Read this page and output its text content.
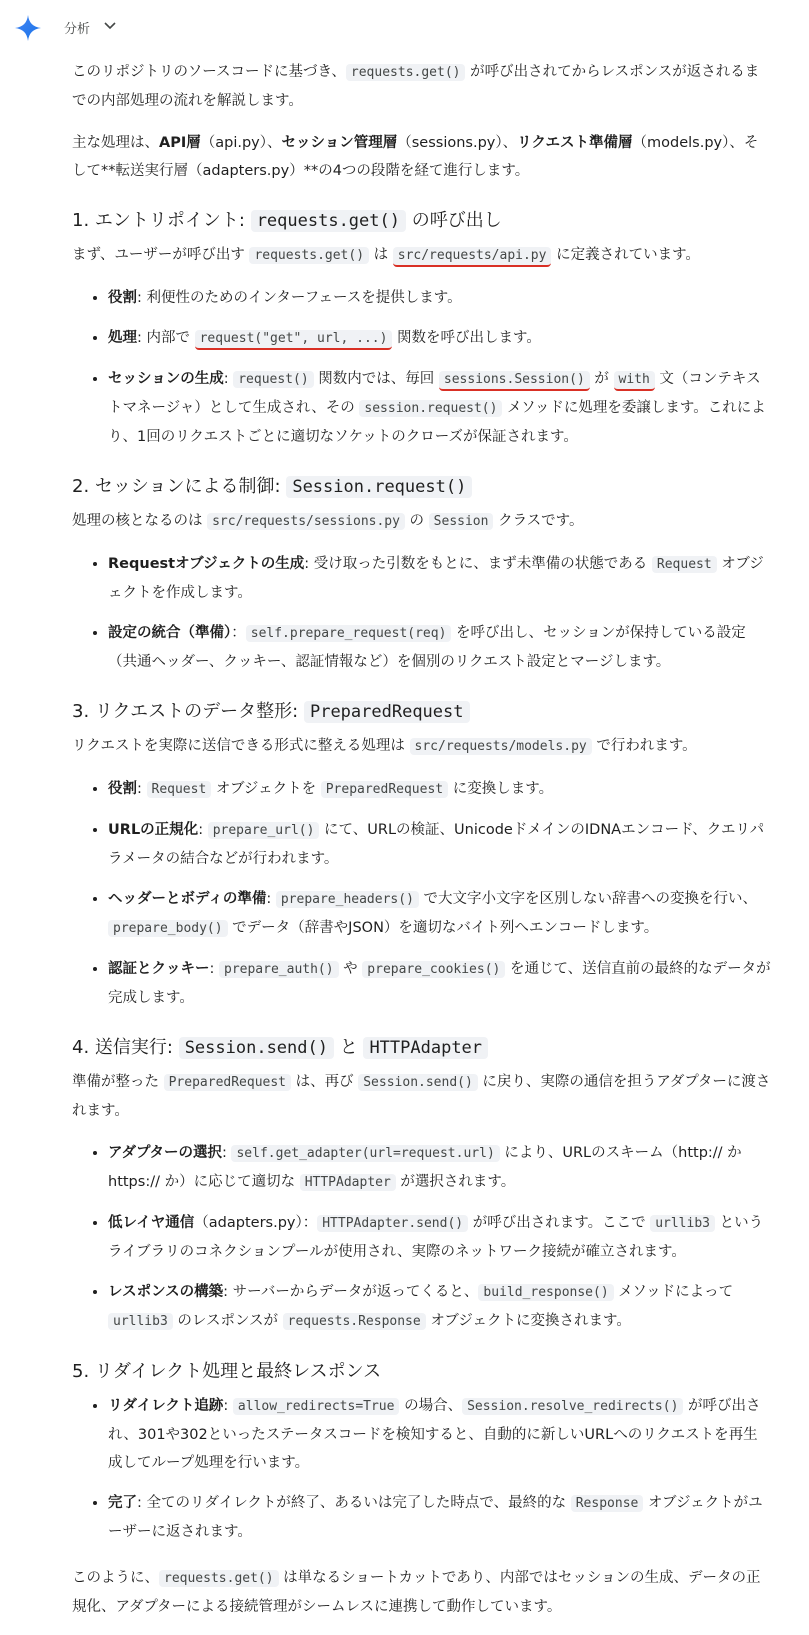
分析

このリポジトリのソースコードに基づき、 requests.get() が呼び出されてからレスポンスが返されるまでの内部処理の流れを解説します。

主な処理は、API層（api.py）、セッション管理層（sessions.py）、リクエスト準備層（models.py）、そして**転送実行層（adapters.py）**の4つの段階を経て進行します。

1. エントリポイント: requests.get() の呼び出し

まず、ユーザーが呼び出す requests.get() は src/requests/api.py に定義されています。

• 役割: 利便性のためのインターフェースを提供します。
• 処理: 内部で request("get", url, ...) 関数を呼び出します。
• セッションの生成: request() 関数内では、毎回 sessions.Session() が with 文（コンテキストマネージャ）として生成され、その session.request() メソッドに処理を委譲します。これにより、1回のリクエストごとに適切なソケットのクローズが保証されます。
2. セッションによる制御: Session.request()

処理の核となるのは src/requests/sessions.py の Session クラスです。

• Requestオブジェクトの生成: 受け取った引数をもとに、まず未準備の状態である Request オブジェクトを作成します。
• 設定の統合（準備）： self.prepare_request(req) を呼び出し、セッションが保持している設定（共通ヘッダー、クッキー、認証情報など）を個別のリクエスト設定とマージします。
3. リクエストのデータ整形: PreparedRequest

リクエストを実際に送信できる形式に整える処理は src/requests/models.py で行われます。

• 役割: Request オブジェクトを PreparedRequest に変換します。
• URLの正規化: prepare_url() にて、URLの検証、UnicodeドメインのIDNAエンコード、クエリパラメータの結合などが行われます。
• ヘッダーとボディの準備: prepare_headers() で大文字小文字を区別しない辞書への変換を行い、prepare_body() でデータ（辞書やJSON）を適切なバイト列へエンコードします。
• 認証とクッキー: prepare_auth() や prepare_cookies() を通じて、送信直前の最終的なデータが完成します。
4. 送信実行: Session.send() と HTTPAdapter

準備が整った PreparedRequest は、再び Session.send() に戻り、実際の通信を担うアダプターに渡されます。

• アダプターの選択: self.get_adapter(url=request.url) により、URLのスキーム（http:// か https:// か）に応じて適切な HTTPAdapter が選択されます。
• 低レイヤ通信（adapters.py）： HTTPAdapter.send() が呼び出されます。ここで urllib3 というライブラリのコネクションプールが使用され、実際のネットワーク接続が確立されます。
• レスポンスの構築: サーバーからデータが返ってくると、 build_response() メソッドによって urllib3 のレスポンスが requests.Response オブジェクトに変換されます。
5. リダイレクト処理と最終レスポンス
• リダイレクト追跡: allow_redirects=True の場合、 Session.resolve_redirects() が呼び出され、301や302といったステータスコードを検知すると、自動的に新しいURLへのリクエストを再生成してループ処理を行います。
• 完了: 全てのリダイレクトが終了、あるいは完了した時点で、最終的な Response オブジェクトがユーザーに返されます。

このように、 requests.get() は単なるショートカットであり、内部ではセッションの生成、データの正規化、アダプターによる接続管理がシームレスに連携して動作しています。
